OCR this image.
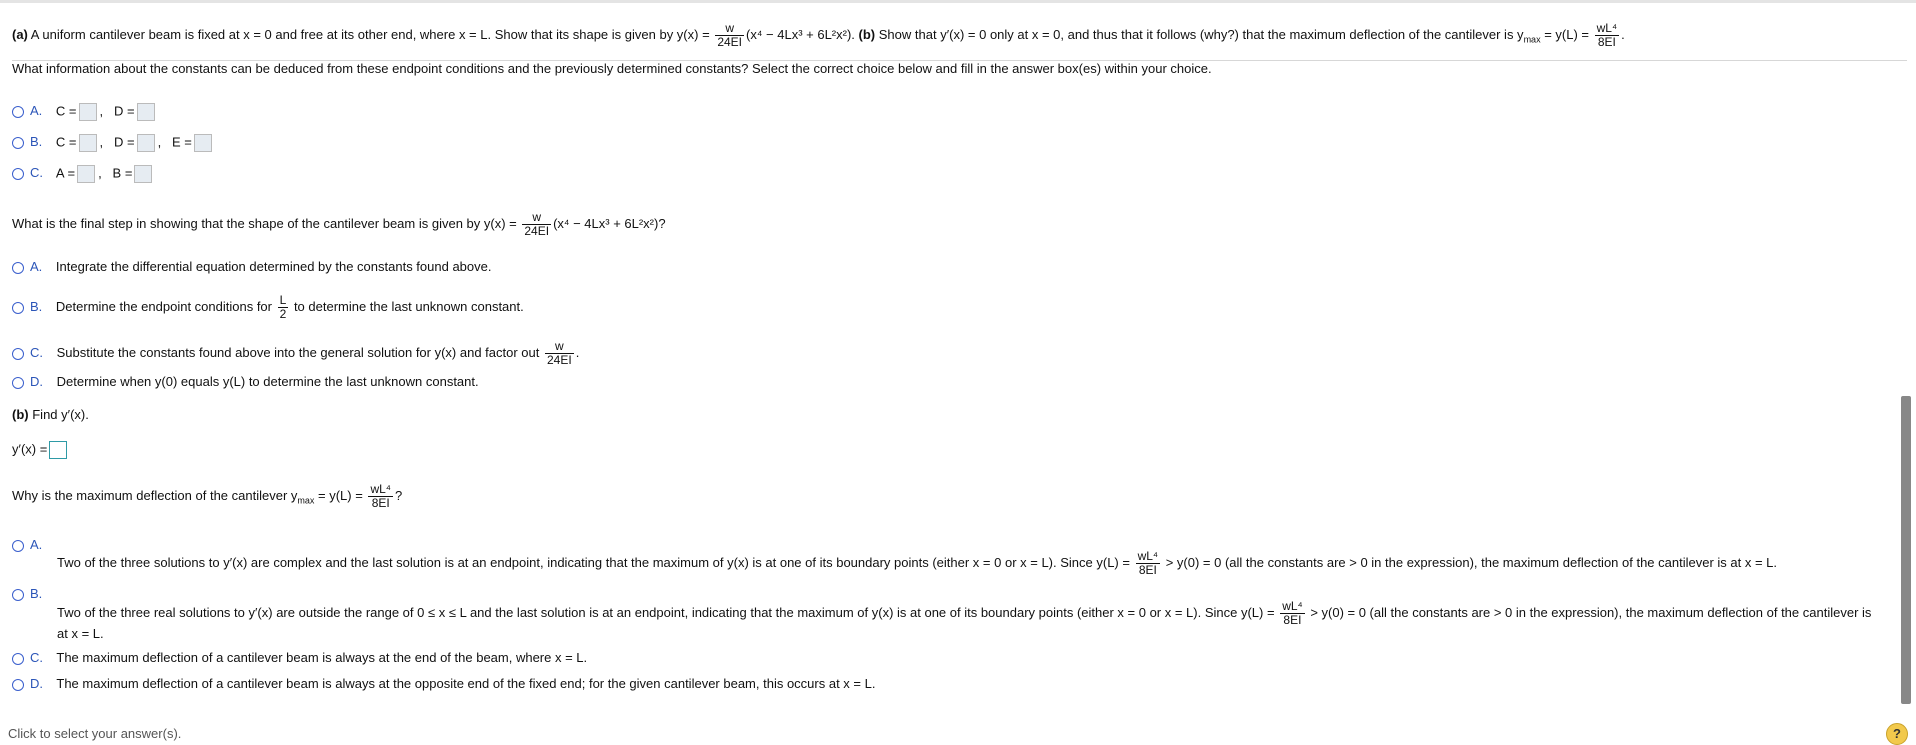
(a) A uniform cantilever beam is fixed at x = 0 and free at its other end, where x = L. Show that its shape is given by $y(x) = \frac{w}{24EI} (x^4 - 4Lx^3 + 6L^2x^2)$. (b) Show that y′(x) = 0 only at x = 0, and thus that it follows (why?) that the maximum deflection of the cantilever is $y_{max} = y(L) = \frac{\text{wL⁴}}{8EI}$ .
What information about the constants can be deduced from these endpoint conditions and the previously determined constants? Select the correct choice below and fill in the answer box(es) within your choice.
A. C = ,   D =
B. C = ,   D = ,   E =
C. A = ,   B =
What is the final step in showing that the shape of the cantilever beam is given by $y(x) = \frac{w}{24EI} (x^4 - 4Lx^3 + 6L^2x^2)$?
A. Integrate the differential equation determined by the constants found above.
B. Determine the endpoint conditions for $\frac{L}{2}$ to determine the last unknown constant.
C. Substitute the constants found above into the general solution for y(x) and factor out $\frac{w}{24EI}$ .
D. Determine when y(0) equals y(L) to determine the last unknown constant.
(b) Find y′(x).
y′(x) =
Why is the maximum deflection of the cantilever $y_{max} = y(L) = \frac{\text{wL⁴}}{8EI}$ ?
A.
Two of the three solutions to y′(x) are complex and the last solution is at an endpoint, indicating that the maximum of y(x) is at one of its boundary points (either x = 0 or x = L). Since $y(L) = \frac{\text{wL⁴}}{8EI} > y(0) = 0$ (all the constants are > 0 in the expression), the maximum deflection of the cantilever is at x = L.
B.
Two of the three real solutions to y′(x) are outside the range of 0 ≤ x ≤ L and the last solution is at an endpoint, indicating that the maximum of y(x) is at one of its boundary points (either x = 0 or x = L). Since $y(L) = \frac{\text{wL⁴}}{8EI} > y(0) = 0$ (all the constants are > 0 in the expression), the maximum deflection of the cantilever is
at x = L.
C. The maximum deflection of a cantilever beam is always at the end of the beam, where x = L.
D. The maximum deflection of a cantilever beam is always at the opposite end of the fixed end; for the given cantilever beam, this occurs at x = L.
Click to select your answer(s).	?
